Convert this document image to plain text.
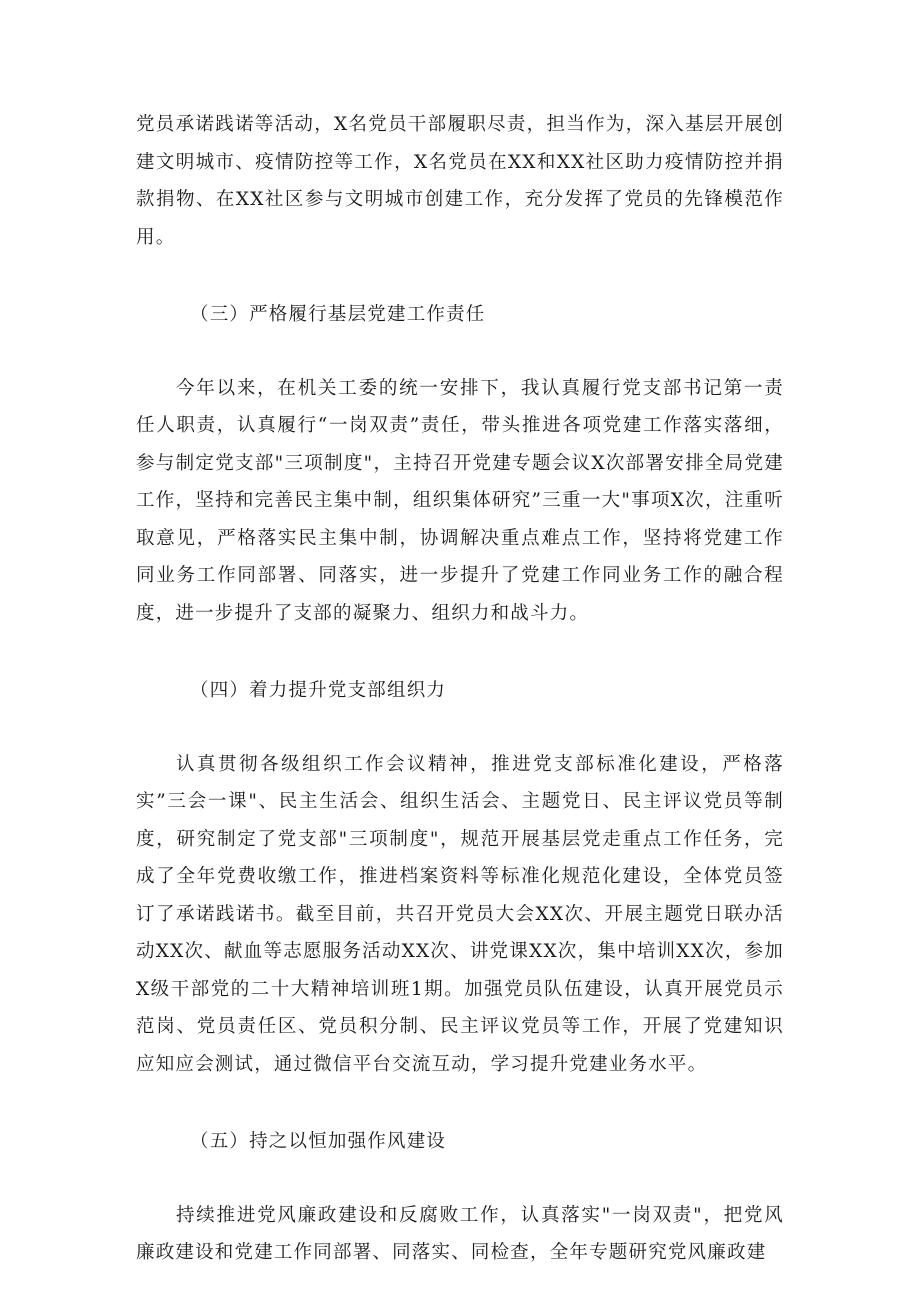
党员承诺践诺等活动，X名党员干部履职尽责，担当作为，深入基层开展创建文明城市、疫情防控等工作，X名党员在XX和XX社区助力疫情防控并捐款捐物、在XX社区参与文明城市创建工作，充分发挥了党员的先锋模范作用。

（三）严格履行基层党建工作责任

今年以来，在机关工委的统一安排下，我认真履行党支部书记第一责任人职责，认真履行“一岗双责”责任，带头推进各项党建工作落实落细，参与制定党支部"三项制度"，主持召开党建专题会议X次部署安排全局党建工作，坚持和完善民主集中制，组织集体研究”三重一大"事项X次，注重听取意见，严格落实民主集中制，协调解决重点难点工作，坚持将党建工作同业务工作同部署、同落实，进一步提升了党建工作同业务工作的融合程度，进一步提升了支部的凝聚力、组织力和战斗力。

（四）着力提升党支部组织力

认真贯彻各级组织工作会议精神，推进党支部标准化建设，严格落实”三会一课"、民主生活会、组织生活会、主题党日、民主评议党员等制度，研究制定了党支部"三项制度"，规范开展基层党走重点工作任务，完成了全年党费收缴工作，推进档案资料等标准化规范化建设，全体党员签订了承诺践诺书。截至目前，共召开党员大会XX次、开展主题党日联办活动XX次、献血等志愿服务活动XX次、讲党课XX次，集中培训XX次，参加X级干部党的二十大精神培训班1期。加强党员队伍建设，认真开展党员示范岗、党员责任区、党员积分制、民主评议党员等工作，开展了党建知识应知应会测试，通过微信平台交流互动，学习提升党建业务水平。

（五）持之以恒加强作风建设

持续推进党风廉政建设和反腐败工作，认真落实"一岗双责"，把党风廉政建设和党建工作同部署、同落实、同检查，全年专题研究党风廉政建
